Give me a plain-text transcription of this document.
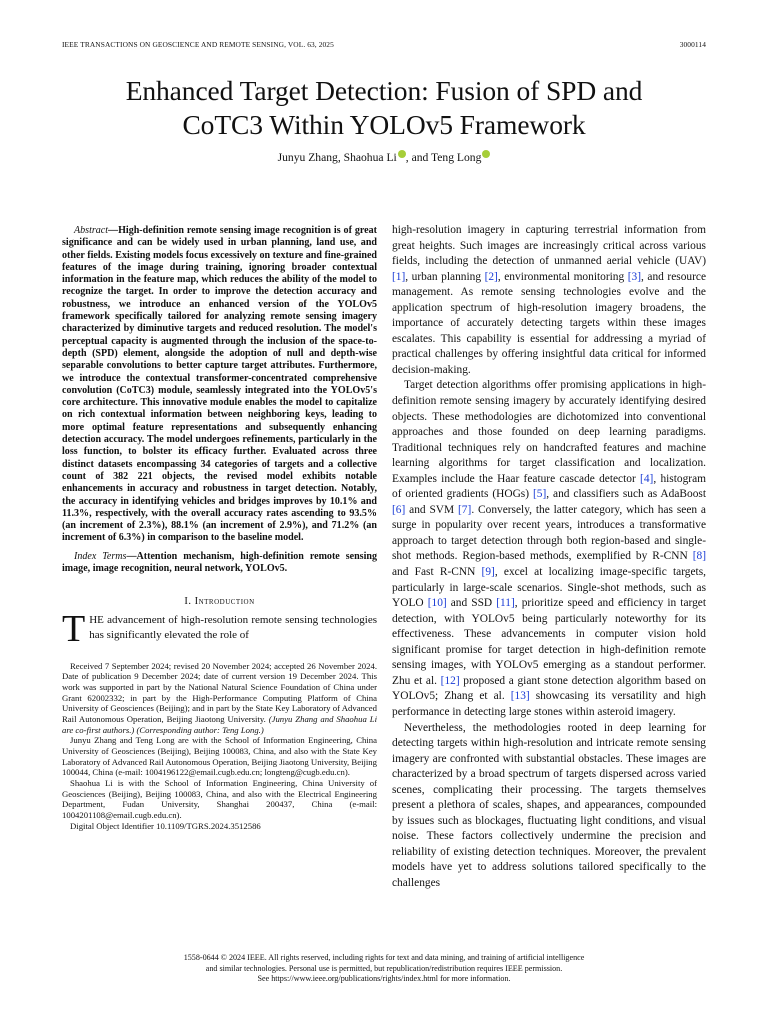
IEEE TRANSACTIONS ON GEOSCIENCE AND REMOTE SENSING, VOL. 63, 2025	3000114
Enhanced Target Detection: Fusion of SPD and
CoTC3 Within YOLOv5 Framework
Junyu Zhang, Shaohua Li , and Teng Long

Abstract—High-definition remote sensing image recognition is of great significance and can be widely used in urban planning, land use, and other fields. Existing models focus excessively on texture and fine-grained features of the image during training, ignoring broader contextual information in the feature map, which reduces the ability of the model to recognize the target. In order to improve the detection accuracy and robustness, we introduce an enhanced version of the YOLOv5 framework specifically tailored for analyzing remote sensing imagery characterized by diminutive targets and reduced resolution. The model's perceptual capacity is augmented through the inclusion of the space-to-depth (SPD) element, alongside the adoption of null and depth-wise separable convolutions to better capture target attributes. Furthermore, we introduce the contextual transformer-concentrated comprehensive convolution (CoTC3) module, seamlessly integrated into the YOLOv5's core architecture. This innovative module enables the model to capitalize on rich contextual information between neighboring keys, leading to more optimal feature representations and subsequently enhancing detection accuracy. The model undergoes refinements, particularly in the loss function, to bolster its efficacy further. Evaluated across three distinct datasets encompassing 34 categories of targets and a collective count of 382 221 objects, the revised model exhibits notable enhancements in accuracy and robustness in target detection. Notably, the accuracy in identifying vehicles and bridges improves by 10.1% and 11.3%, respectively, with the overall accuracy rates ascending to 93.5% (an increment of 2.3%), 88.1% (an increment of 2.9%), and 71.2% (an increment of 6.3%) in comparison to the baseline model.

Index Terms—Attention mechanism, high-definition remote sensing image, image recognition, neural network, YOLOv5.

I. Introduction

THE advancement of high-resolution remote sensing technologies has significantly elevated the role of

Received 7 September 2024; revised 20 November 2024; accepted 26 November 2024. Date of publication 9 December 2024; date of current version 19 December 2024. This work was supported in part by the National Natural Science Foundation of China under Grant 62002332; in part by the High-Performance Computing Platform of China University of Geosciences (Beijing); and in part by the State Key Laboratory of Advanced Rail Autonomous Operation, Beijing Jiaotong University. (Junyu Zhang and Shaohua Li are co-first authors.) (Corresponding author: Teng Long.)

Junyu Zhang and Teng Long are with the School of Information Engineering, China University of Geosciences (Beijing), Beijing 100083, China, and also with the State Key Laboratory of Advanced Rail Autonomous Operation, Beijing Jiaotong University, Beijing 100044, China (e-mail: 1004196122@email.cugb.edu.cn; longteng@cugb.edu.cn).

Shaohua Li is with the School of Information Engineering, China University of Geosciences (Beijing), Beijing 100083, China, and also with the Electrical Engineering Department, Fudan University, Shanghai 200437, China (e-mail: 1004201108@email.cugb.edu.cn).

Digital Object Identifier 10.1109/TGRS.2024.3512586

high-resolution imagery in capturing terrestrial information from great heights. Such images are increasingly critical across various fields, including the detection of unmanned aerial vehicle (UAV) [1], urban planning [2], environmental monitoring [3], and resource management. As remote sensing technologies evolve and the application spectrum of high-resolution imagery broadens, the importance of accurately detecting targets within these images escalates. This capability is essential for addressing a myriad of practical challenges by offering insightful data critical for informed decision-making.

Target detection algorithms offer promising applications in high-definition remote sensing imagery by accurately identifying desired objects. These methodologies are dichotomized into conventional approaches and those founded on deep learning paradigms. Traditional techniques rely on handcrafted features and machine learning algorithms for target classification and localization. Examples include the Haar feature cascade detector [4], histogram of oriented gradients (HOGs) [5], and classifiers such as AdaBoost [6] and SVM [7]. Conversely, the latter category, which has seen a surge in popularity over recent years, introduces a transformative approach to target detection through both region-based and single-shot methods. Region-based methods, exemplified by R-CNN [8] and Fast R-CNN [9], excel at localizing image-specific targets, particularly in large-scale scenarios. Single-shot methods, such as YOLO [10] and SSD [11], prioritize speed and efficiency in target detection, with YOLOv5 being particularly noteworthy for its effectiveness. These advancements in computer vision hold significant promise for target detection in high-definition remote sensing images, with YOLOv5 emerging as a standout performer. Zhu et al. [12] proposed a giant stone detection algorithm based on YOLOv5; Zhang et al. [13] showcasing its versatility and high performance in detecting large stones within asteroid imagery.

Nevertheless, the methodologies rooted in deep learning for detecting targets within high-resolution and intricate remote sensing imagery are confronted with substantial obstacles. These images are characterized by a broad spectrum of targets dispersed across varied scenes, complicating their processing. The targets themselves present a plethora of scales, shapes, and appearances, compounded by issues such as blockages, fluctuating light conditions, and visual noise. These factors collectively undermine the precision and reliability of existing detection techniques. Moreover, the prevalent models have yet to address solutions tailored specifically to the challenges

1558-0644 © 2024 IEEE. All rights reserved, including rights for text and data mining, and training of artificial intelligence
and similar technologies. Personal use is permitted, but republication/redistribution requires IEEE permission.
See https://www.ieee.org/publications/rights/index.html for more information.
